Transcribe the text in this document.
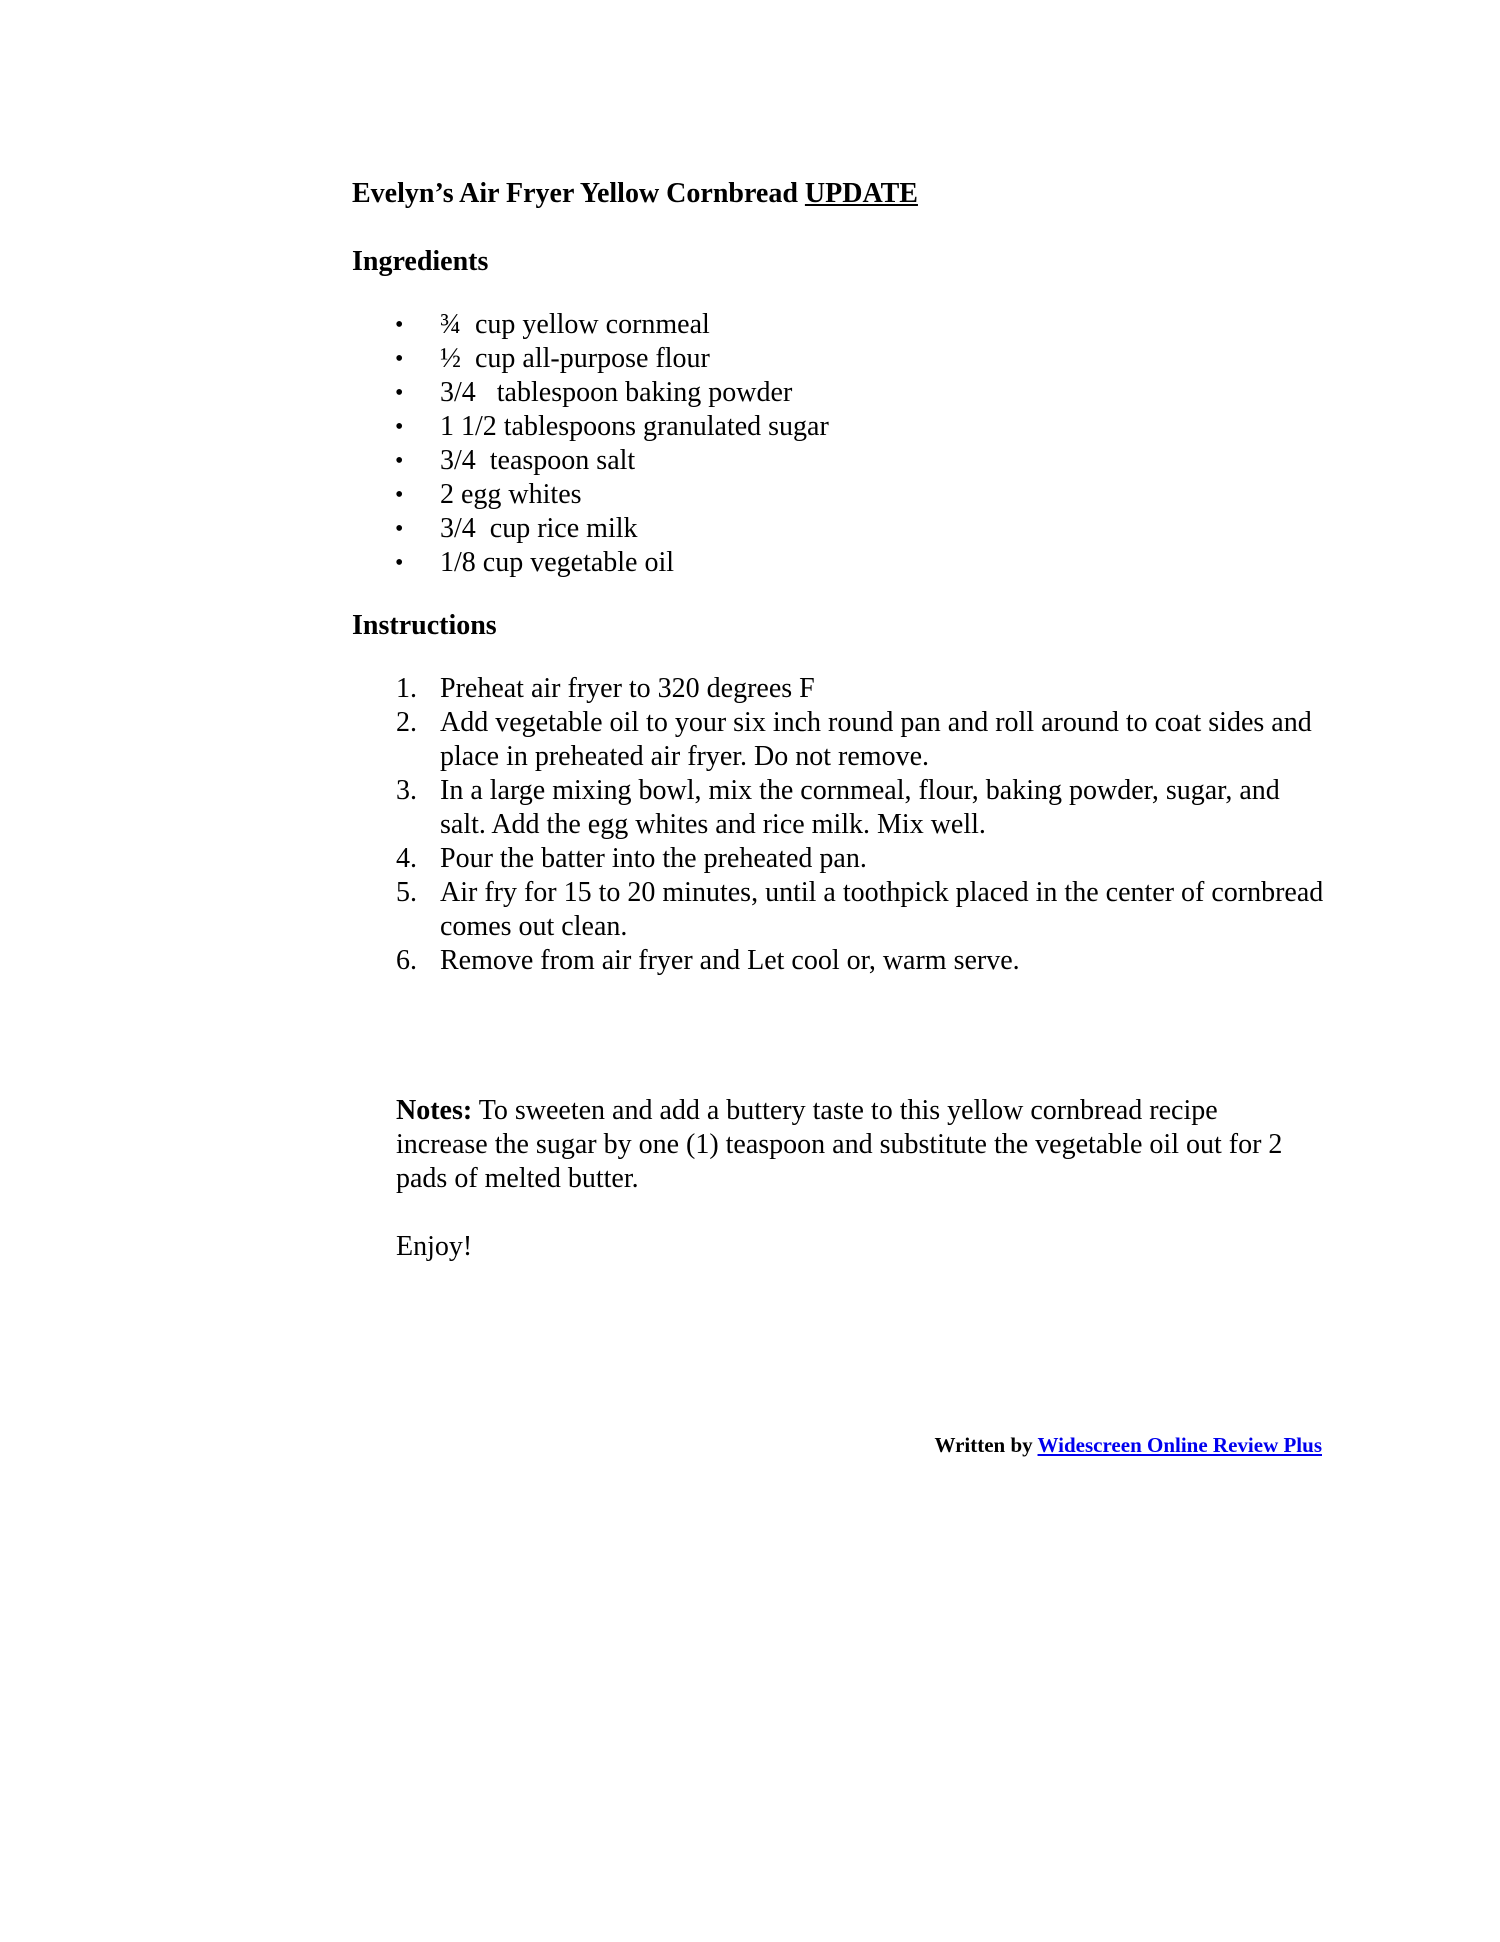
Evelyn’s Air Fryer Yellow Cornbread UPDATE
Ingredients
• ¾  cup yellow cornmeal
• ½  cup all-purpose flour
• 3/4   tablespoon baking powder
• 1 1/2 tablespoons granulated sugar
• 3/4  teaspoon salt
• 2 egg whites
• 3/4  cup rice milk
• 1/8 cup vegetable oil
Instructions
1. Preheat air fryer to 320 degrees F
2. Add vegetable oil to your six inch round pan and roll around to coat sides and place in preheated air fryer. Do not remove.
3. In a large mixing bowl, mix the cornmeal, flour, baking powder, sugar, and salt. Add the egg whites and rice milk. Mix well.
4. Pour the batter into the preheated pan.
5. Air fry for 15 to 20 minutes, until a toothpick placed in the center of cornbread comes out clean.
6. Remove from air fryer and Let cool or, warm serve.

Notes: To sweeten and add a buttery taste to this yellow cornbread recipe increase the sugar by one (1) teaspoon and substitute the vegetable oil out for 2 pads of melted butter.

Enjoy!

Written by Widescreen Online Review Plus
